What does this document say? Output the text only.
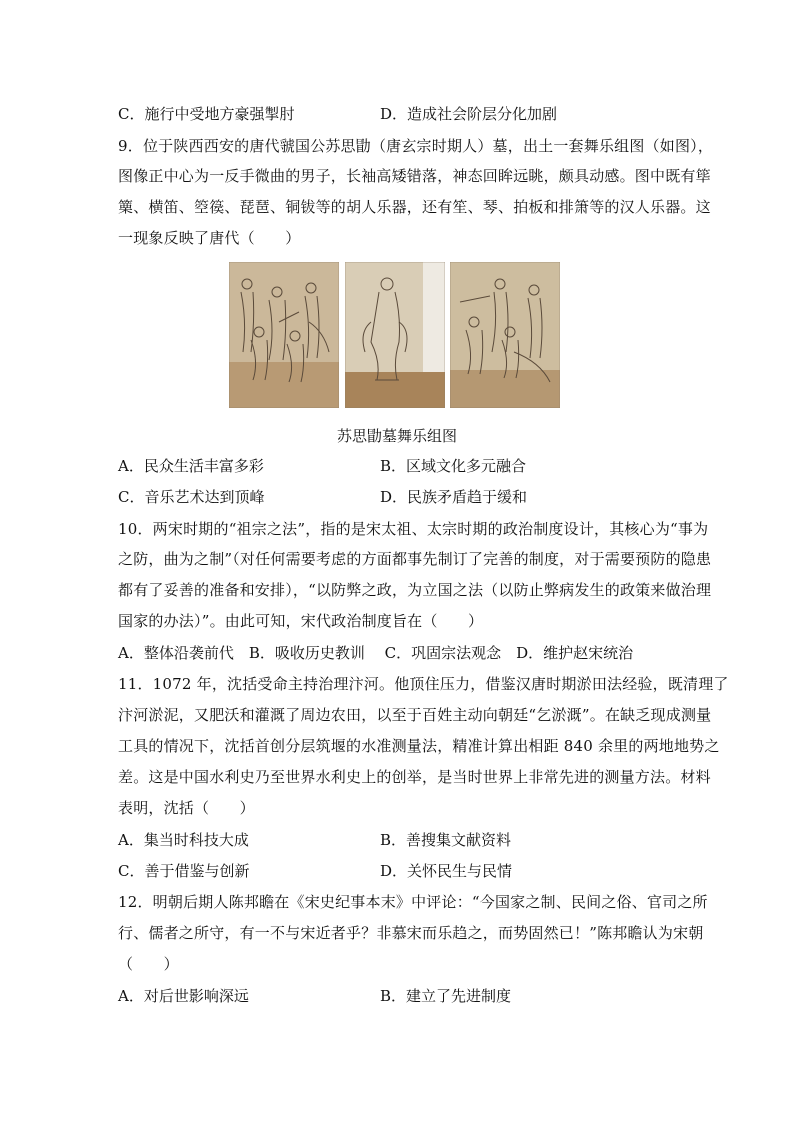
C．施行中受地方豪强掣肘	D．造成社会阶层分化加剧
9．位于陕西西安的唐代虢国公苏思勖（唐玄宗时期人）墓，出土一套舞乐组图（如图），
图像正中心为一反手微曲的男子，长袖高矮错落，神态回眸远眺，颇具动感。图中既有筚
篥、横笛、箜篌、琵琶、铜钹等的胡人乐器，还有笙、琴、拍板和排箫等的汉人乐器。这
一现象反映了唐代（　　）
苏思勖墓舞乐组图
A．民众生活丰富多彩	B．区域文化多元融合
C．音乐艺术达到顶峰	D．民族矛盾趋于缓和
10．两宋时期的“祖宗之法”，指的是宋太祖、太宗时期的政治制度设计，其核心为“事为
之防，曲为之制”（对任何需要考虑的方面都事先制订了完善的制度，对于需要预防的隐患
都有了妥善的准备和安排），“以防弊之政，为立国之法（以防止弊病发生的政策来做治理
国家的办法）”。由此可知，宋代政治制度旨在（　　）
A．整体沿袭前代　B．吸收历史教训　 C．巩固宗法观念　D．维护赵宋统治
11．1072 年，沈括受命主持治理汴河。他顶住压力，借鉴汉唐时期淤田法经验，既清理了
汴河淤泥，又肥沃和灌溉了周边农田，以至于百姓主动向朝廷“乞淤溉”。在缺乏现成测量
工具的情况下，沈括首创分层筑堰的水准测量法，精准计算出相距 840 余里的两地地势之
差。这是中国水利史乃至世界水利史上的创举，是当时世界上非常先进的测量方法。材料
表明，沈括（　　）
A．集当时科技大成	B．善搜集文献资料
C．善于借鉴与创新	D．关怀民生与民情
12．明朝后期人陈邦瞻在《宋史纪事本末》中评论：“今国家之制、民间之俗、官司之所
行、儒者之所守，有一不与宋近者乎？非慕宋而乐趋之，而势固然已！”陈邦瞻认为宋朝
（　　）
A．对后世影响深远	B．建立了先进制度
